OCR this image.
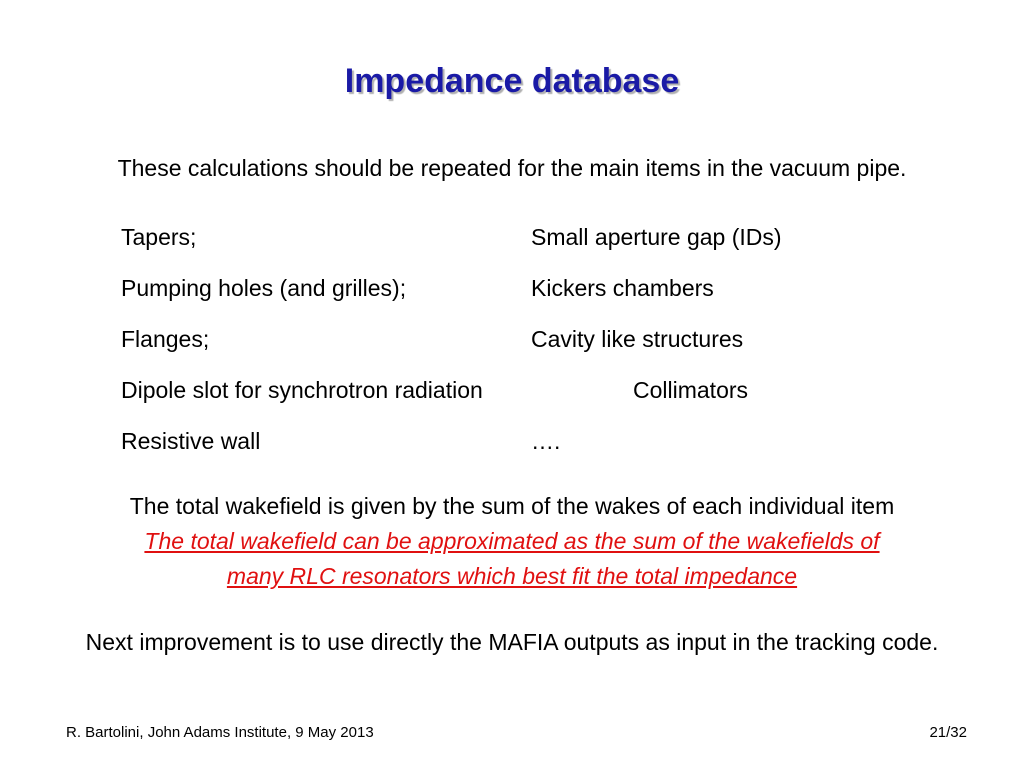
Impedance database
These calculations should be repeated for the main items in the vacuum pipe.
Tapers;	Small aperture gap (IDs)
Pumping holes (and grilles);	Kickers chambers
Flanges;	Cavity like structures
Dipole slot for synchrotron radiation	Collimators
Resistive wall	….
The total wakefield is given by the sum of the wakes of each individual item
The total wakefield can be approximated as the sum of the wakefields of
many RLC resonators which best fit the total impedance
Next improvement is to use directly the MAFIA outputs as input in the tracking code.
R. Bartolini, John Adams Institute, 9 May 2013	21/32
